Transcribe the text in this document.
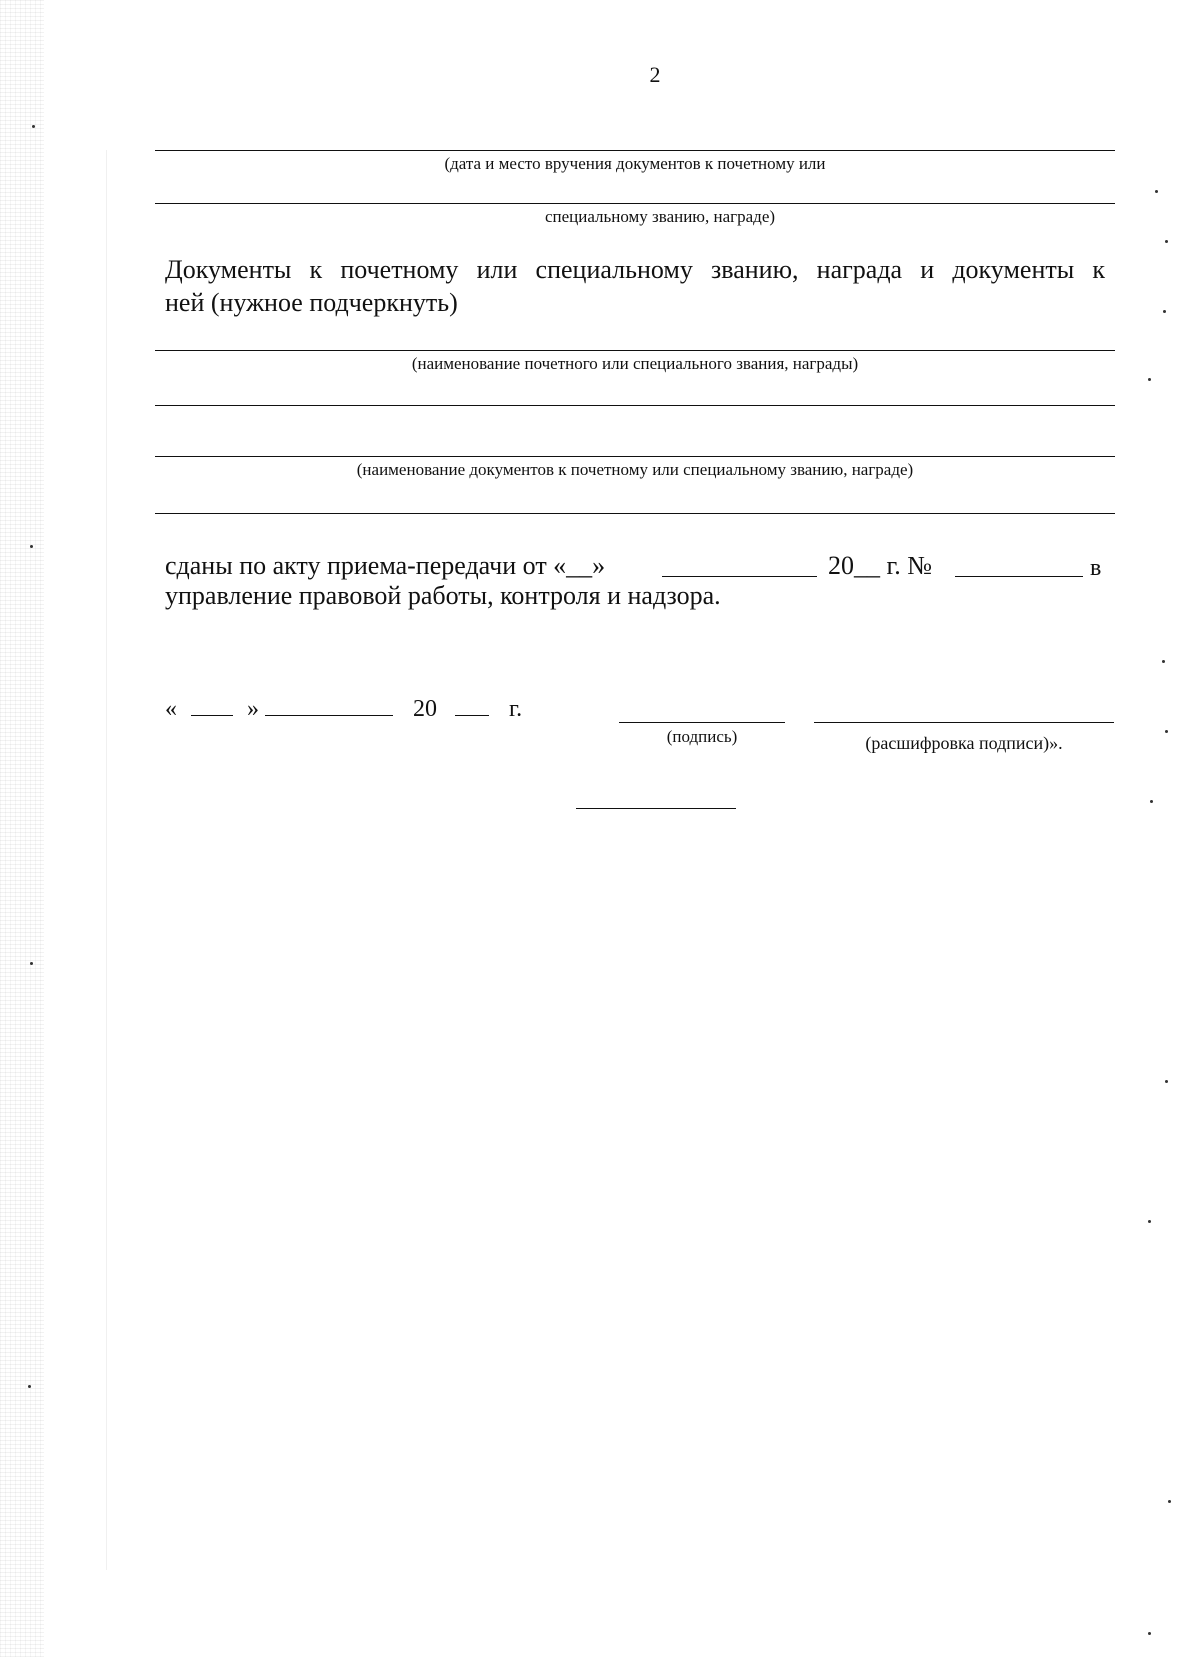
2
(дата и место вручения документов к почетному или
специальному званию, награде)
Документы к почетному или специальному званию, награда и документы к
ней (нужное подчеркнуть)
(наименование почетного или специального звания, награды)
(наименование документов к почетному или специальному званию, награде)
сданы по акту приема-передачи от «__»	20__ г. №	в
управление правовой работы, контроля и надзора.
«	»	20	г.
(подпись)	(расшифровка подписи)».
